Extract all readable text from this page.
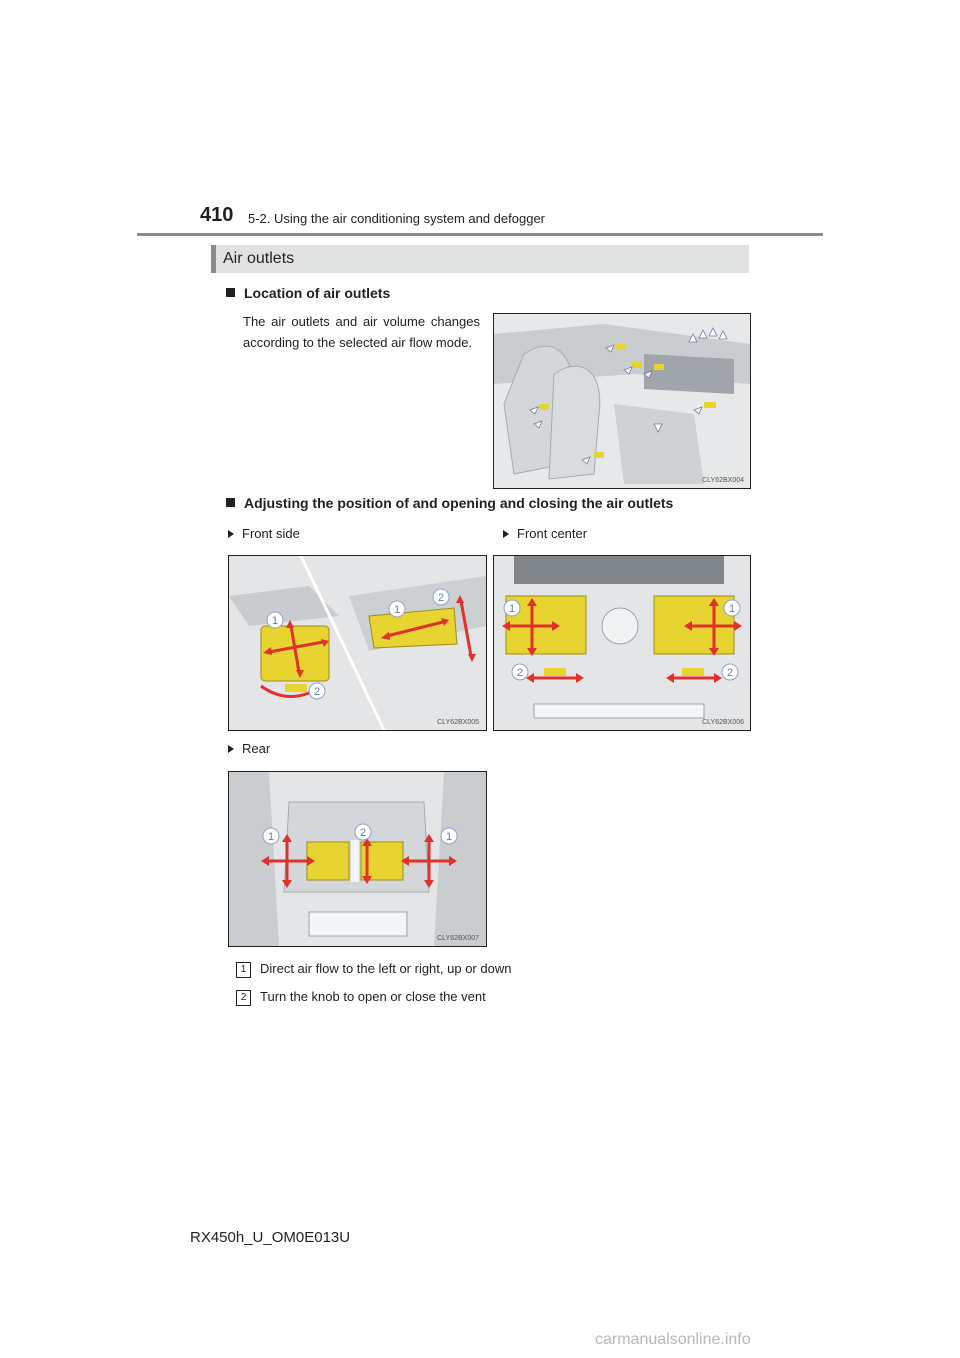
410 5-2. Using the air conditioning system and defogger
Air outlets
Location of air outlets
The air outlets and air volume changes according to the selected air flow mode.
CLY62BX004
Adjusting the position of and opening and closing the air outlets
Front side	Front center
1
2
1
2
CLY62BX005
1	1
2	2
CLY62BX006
Rear
1	2	1
CLY62BX007
1 Direct air flow to the left or right, up or down
2 Turn the knob to open or close the vent
RX450h_U_OM0E013U
carmanualsonline.info
